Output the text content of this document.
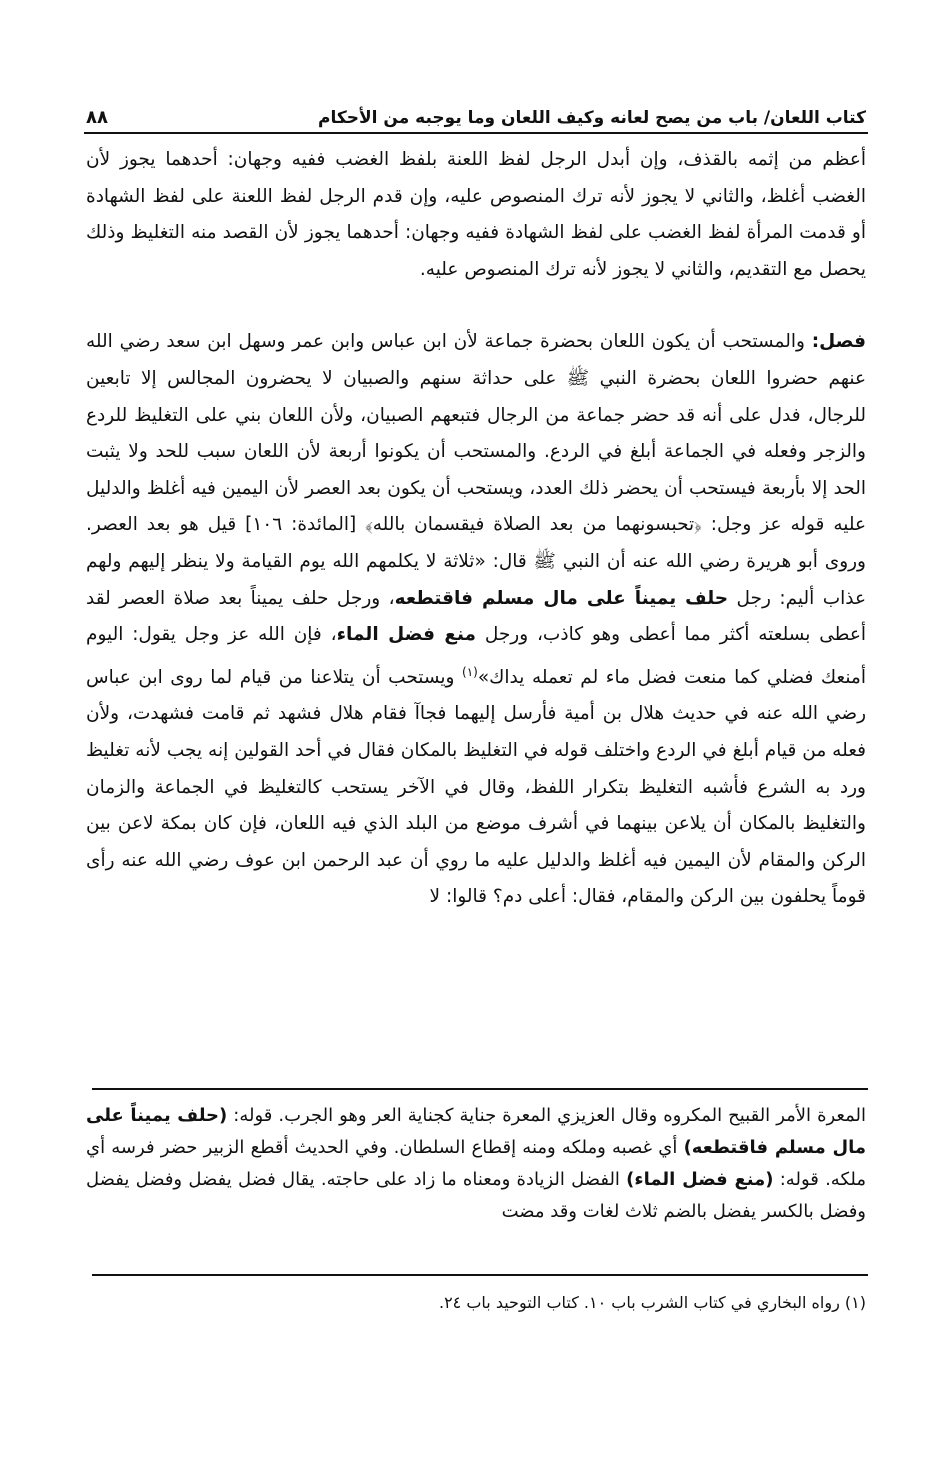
كتاب اللعان/ باب من يصح لعانه وكيف اللعان وما يوجبه من الأحكام
٨٨

أعظم من إثمه بالقذف، وإن أبدل الرجل لفظ اللعنة بلفظ الغضب ففيه وجهان: أحدهما يجوز لأن الغضب أغلظ، والثاني لا يجوز لأنه ترك المنصوص عليه، وإن قدم الرجل لفظ اللعنة على لفظ الشهادة أو قدمت المرأة لفظ الغضب على لفظ الشهادة ففيه وجهان: أحدهما يجوز لأن القصد منه التغليظ وذلك يحصل مع التقديم، والثاني لا يجوز لأنه ترك المنصوص عليه.

فصل: والمستحب أن يكون اللعان بحضرة جماعة لأن ابن عباس وابن عمر وسهل ابن سعد رضي الله عنهم حضروا اللعان بحضرة النبي ﷺ على حداثة سنهم والصبيان لا يحضرون المجالس إلا تابعين للرجال، فدل على أنه قد حضر جماعة من الرجال فتبعهم الصبيان، ولأن اللعان بني على التغليظ للردع والزجر وفعله في الجماعة أبلغ في الردع. والمستحب أن يكونوا أربعة لأن اللعان سبب للحد ولا يثبت الحد إلا بأربعة فيستحب أن يحضر ذلك العدد، ويستحب أن يكون بعد العصر لأن اليمين فيه أغلظ والدليل عليه قوله عز وجل: ﴿تحبسونهما من بعد الصلاة فيقسمان بالله﴾ [المائدة: ١٠٦] قيل هو بعد العصر. وروى أبو هريرة رضي الله عنه أن النبي ﷺ قال: «ثلاثة لا يكلمهم الله يوم القيامة ولا ينظر إليهم ولهم عذاب أليم: رجل حلف يميناً على مال مسلم فاقتطعه، ورجل حلف يميناً بعد صلاة العصر لقد أعطى بسلعته أكثر مما أعطى وهو كاذب، ورجل منع فضل الماء، فإن الله عز وجل يقول: اليوم أمنعك فضلي كما منعت فضل ماء لم تعمله يداك»$^{(١)}$ ويستحب أن يتلاعنا من قيام لما روى ابن عباس رضي الله عنه في حديث هلال بن أمية فأرسل إليهما فجاآ فقام هلال فشهد ثم قامت فشهدت، ولأن فعله من قيام أبلغ في الردع واختلف قوله في التغليظ بالمكان فقال في أحد القولين إنه يجب لأنه تغليظ ورد به الشرع فأشبه التغليظ بتكرار اللفظ، وقال في الآخر يستحب كالتغليظ في الجماعة والزمان والتغليظ بالمكان أن يلاعن بينهما في أشرف موضع من البلد الذي فيه اللعان، فإن كان بمكة لاعن بين الركن والمقام لأن اليمين فيه أغلظ والدليل عليه ما روي أن عبد الرحمن ابن عوف رضي الله عنه رأى قوماً يحلفون بين الركن والمقام، فقال: أعلى دم؟ قالوا: لا

المعرة الأمر القبيح المكروه وقال العزيزي المعرة جناية كجناية العر وهو الجرب. قوله: (حلف يميناً على مال مسلم فاقتطعه) أي غصبه وملكه ومنه إقطاع السلطان. وفي الحديث أقطع الزبير حضر فرسه أي ملكه. قوله: (منع فضل الماء) الفضل الزيادة ومعناه ما زاد على حاجته. يقال فضل يفضل وفضل يفضل وفضل بالكسر يفضل بالضم ثلاث لغات وقد مضت

(١) رواه البخاري في كتاب الشرب باب ١٠. كتاب التوحيد باب ٢٤.
